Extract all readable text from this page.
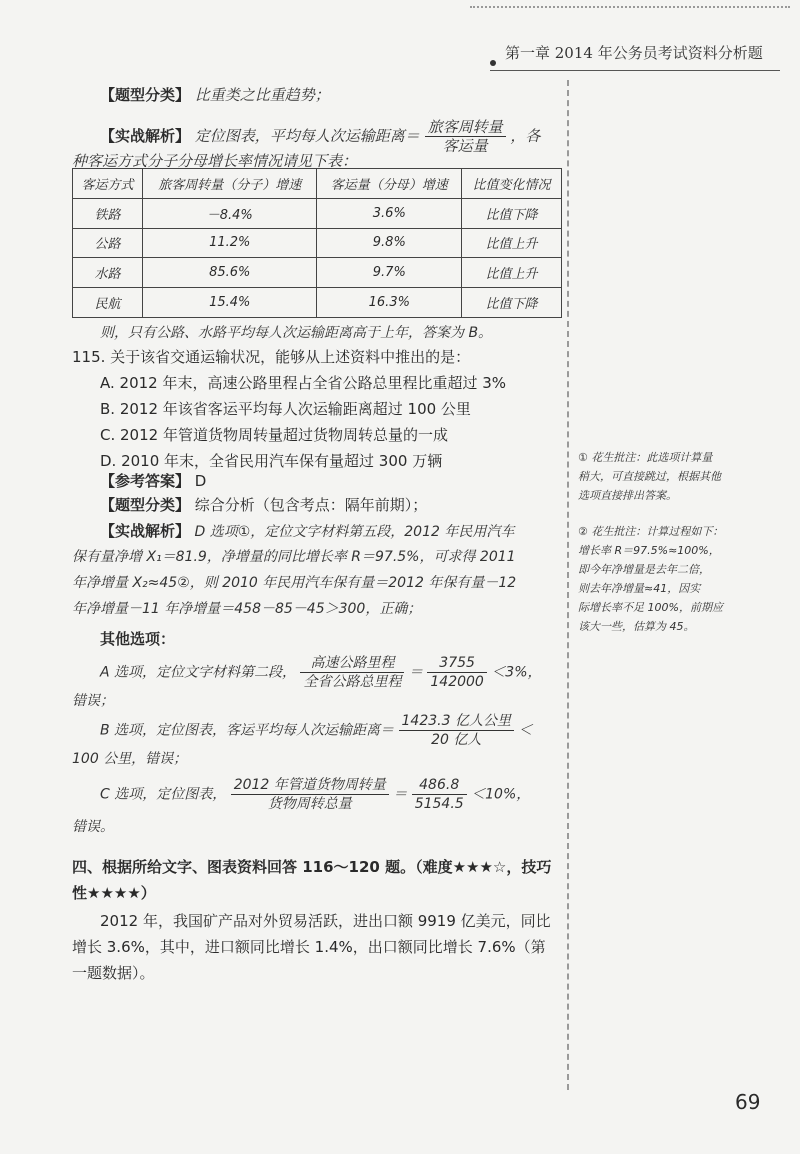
第一章 2014 年公务员考试资料分析题
【题型分类】 比重类之比重趋势；
【实战解析】 定位图表，平均每人次运输距离＝ $\frac{\text{旅客周转量}}{\text{客运量}}$ ，各
种客运方式分子分母增长率情况请见下表：
客运方式	旅客周转量（分子）增速	客运量（分母）增速	比值变化情况
铁路	－8.4%	3.6%	比值下降
公路	11.2%	9.8%	比值上升
水路	85.6%	9.7%	比值上升
民航	15.4%	16.3%	比值下降
则，只有公路、水路平均每人次运输距离高于上年，答案为 B。
115. 关于该省交通运输状况，能够从上述资料中推出的是：
A. 2012 年末，高速公路里程占全省公路总里程比重超过 3%
B. 2012 年该省客运平均每人次运输距离超过 100 公里
C. 2012 年管道货物周转量超过货物周转总量的一成
D. 2010 年末，全省民用汽车保有量超过 300 万辆
【参考答案】 D
【题型分类】 综合分析（包含考点：隔年前期）；
【实战解析】 D 选项①，定位文字材料第五段，2012 年民用汽车
保有量净增 X₁＝81.9，净增量的同比增长率 R＝97.5%，可求得 2011
年净增量 X₂≈45②，则 2010 年民用汽车保有量＝2012 年保有量－12
年净增量－11 年净增量＝458－85－45＞300，正确；
其他选项：
A 选项，定位文字材料第二段， $\frac{\text{高速公路里程}}{\text{全省公路总里程}} = \frac{3755}{142000} <3\%$，
错误；
B 选项，定位图表，客运平均每人次运输距离＝ $\frac{\text{1423.3 亿人公里}}{\text{20 亿人}}$ ＜
100 公里，错误；
C 选项，定位图表， $\frac{\text{2012 年管道货物周转量}}{\text{货物周转总量}} = \frac{486.8}{5154.5} <10\%$，
错误。
四、根据所给文字、图表资料回答 116～120 题。（难度★★★☆，技巧
性★★★★）
2012 年，我国矿产品对外贸易活跃，进出口额 9919 亿美元，同比
增长 3.6%，其中，进口额同比增长 1.4%，出口额同比增长 7.6%（第
一题数据）。
① 花生批注：此选项计算量
稍大，可直接跳过，根据其他
选项直接排出答案。
② 花生批注：计算过程如下：
增长率 R＝97.5%≈100%，
即今年净增量是去年二倍，
则去年净增量≈41，因实
际增长率不足 100%，前期应
该大一些，估算为 45。
69
